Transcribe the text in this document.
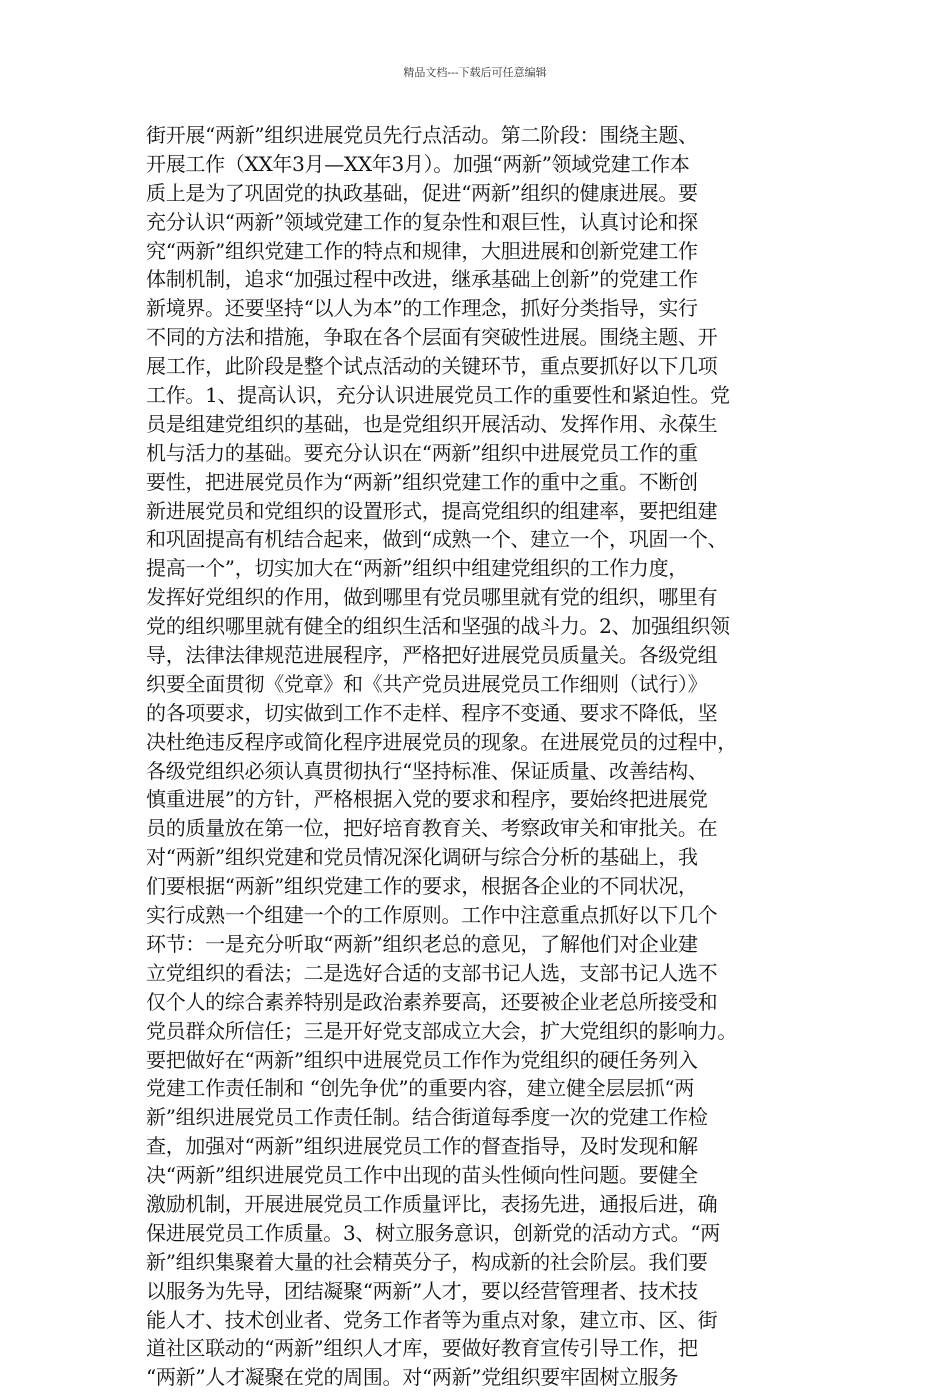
精品文档---下载后可任意编辑
街开展“两新”组织进展党员先行点活动。第二阶段：围绕主题、
开展工作（XX年3月—XX年3月）。加强“两新”领域党建工作本
质上是为了巩固党的执政基础，促进“两新”组织的健康进展。要
充分认识“两新”领域党建工作的复杂性和艰巨性，认真讨论和探
究“两新”组织党建工作的特点和规律，大胆进展和创新党建工作
体制机制，追求“加强过程中改进，继承基础上创新”的党建工作
新境界。还要坚持“以人为本”的工作理念，抓好分类指导，实行
不同的方法和措施，争取在各个层面有突破性进展。围绕主题、开
展工作，此阶段是整个试点活动的关键环节，重点要抓好以下几项
工作。1、提高认识，充分认识进展党员工作的重要性和紧迫性。党
员是组建党组织的基础，也是党组织开展活动、发挥作用、永葆生
机与活力的基础。要充分认识在“两新”组织中进展党员工作的重
要性，把进展党员作为“两新”组织党建工作的重中之重。不断创
新进展党员和党组织的设置形式，提高党组织的组建率，要把组建
和巩固提高有机结合起来，做到“成熟一个、建立一个，巩固一个、
提高一个”，切实加大在“两新”组织中组建党组织的工作力度，
发挥好党组织的作用，做到哪里有党员哪里就有党的组织，哪里有
党的组织哪里就有健全的组织生活和坚强的战斗力。2、加强组织领
导，法律法律规范进展程序，严格把好进展党员质量关。各级党组
织要全面贯彻《党章》和《共产党员进展党员工作细则（试行）》
的各项要求，切实做到工作不走样、程序不变通、要求不降低，坚
决杜绝违反程序或简化程序进展党员的现象。在进展党员的过程中，
各级党组织必须认真贯彻执行“坚持标准、保证质量、改善结构、
慎重进展”的方针，严格根据入党的要求和程序，要始终把进展党
员的质量放在第一位，把好培育教育关、考察政审关和审批关。在
对“两新”组织党建和党员情况深化调研与综合分析的基础上，我
们要根据“两新”组织党建工作的要求，根据各企业的不同状况，
实行成熟一个组建一个的工作原则。工作中注意重点抓好以下几个
环节：一是充分听取“两新”组织老总的意见，了解他们对企业建
立党组织的看法；二是选好合适的支部书记人选，支部书记人选不
仅个人的综合素养特别是政治素养要高，还要被企业老总所接受和
党员群众所信任；三是开好党支部成立大会，扩大党组织的影响力。
要把做好在“两新”组织中进展党员工作作为党组织的硬任务列入
党建工作责任制和 “创先争优”的重要内容，建立健全层层抓“两
新”组织进展党员工作责任制。结合街道每季度一次的党建工作检
查，加强对“两新”组织进展党员工作的督查指导，及时发现和解
决“两新”组织进展党员工作中出现的苗头性倾向性问题。要健全
激励机制，开展进展党员工作质量评比，表扬先进，通报后进，确
保进展党员工作质量。3、树立服务意识，创新党的活动方式。“两
新”组织集聚着大量的社会精英分子，构成新的社会阶层。我们要
以服务为先导，团结凝聚“两新”人才，要以经营管理者、技术技
能人才、技术创业者、党务工作者等为重点对象，建立市、区、街
道社区联动的“两新”组织人才库，要做好教育宣传引导工作，把
“两新”人才凝聚在党的周围。对“两新”党组织要牢固树立服务
